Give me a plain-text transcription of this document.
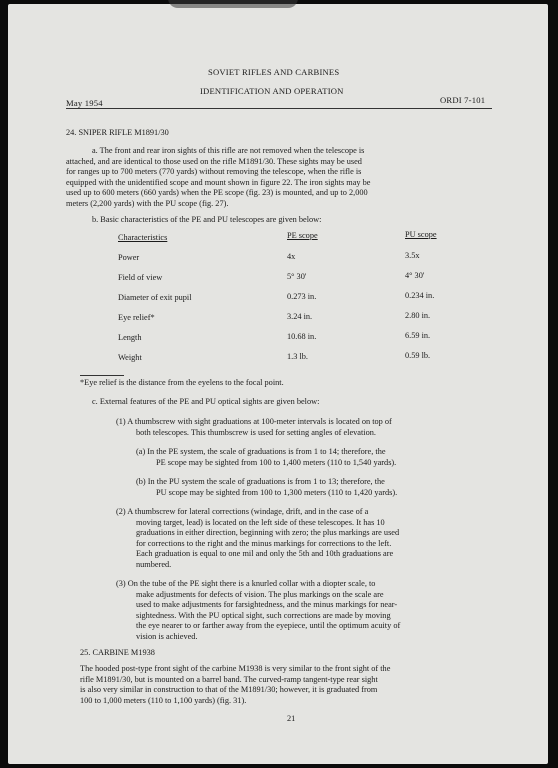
SOVIET RIFLES AND CARBINES
IDENTIFICATION AND OPERATION
May 1954	ORDI 7-101
24. SNIPER RIFLE M1891/30
a. The front and rear iron sights of this rifle are not removed when the telescope is
attached, and are identical to those used on the rifle M1891/30. These sights may be used
for ranges up to 700 meters (770 yards) without removing the telescope, when the rifle is
equipped with the unidentified scope and mount shown in figure 22. The iron sights may be
used up to 600 meters (660 yards) when the PE scope (fig. 23) is mounted, and up to 2,000
meters (2,200 yards) with the PU scope (fig. 27).
b. Basic characteristics of the PE and PU telescopes are given below:
Characteristics	PE scope	PU scope
Power	4x	3.5x
Field of view	5° 30'	4° 30'
Diameter of exit pupil	0.273 in.	0.234 in.
Eye relief*	3.24 in.	2.80 in.
Length	10.68 in.	6.59 in.
Weight	1.3 lb.	0.59 lb.
*Eye relief is the distance from the eyelens to the focal point.
c. External features of the PE and PU optical sights are given below:
(1) A thumbscrew with sight graduations at 100-meter intervals is located on top of
both telescopes. This thumbscrew is used for setting angles of elevation.
(a) In the PE system, the scale of graduations is from 1 to 14; therefore, the
PE scope may be sighted from 100 to 1,400 meters (110 to 1,540 yards).
(b) In the PU system the scale of graduations is from 1 to 13; therefore, the
PU scope may be sighted from 100 to 1,300 meters (110 to 1,420 yards).
(2) A thumbscrew for lateral corrections (windage, drift, and in the case of a
moving target, lead) is located on the left side of these telescopes. It has 10
graduations in either direction, beginning with zero; the plus markings are used
for corrections to the right and the minus markings for corrections to the left.
Each graduation is equal to one mil and only the 5th and 10th graduations are
numbered.
(3) On the tube of the PE sight there is a knurled collar with a diopter scale, to
make adjustments for defects of vision. The plus markings on the scale are
used to make adjustments for farsightedness, and the minus markings for near-
sightedness. With the PU optical sight, such corrections are made by moving
the eye nearer to or farther away from the eyepiece, until the optimum acuity of
vision is achieved.
25. CARBINE M1938
The hooded post-type front sight of the carbine M1938 is very similar to the front sight of the
rifle M1891/30, but is mounted on a barrel band. The curved-ramp tangent-type rear sight
is also very similar in construction to that of the M1891/30; however, it is graduated from
100 to 1,000 meters (110 to 1,100 yards) (fig. 31).
21
